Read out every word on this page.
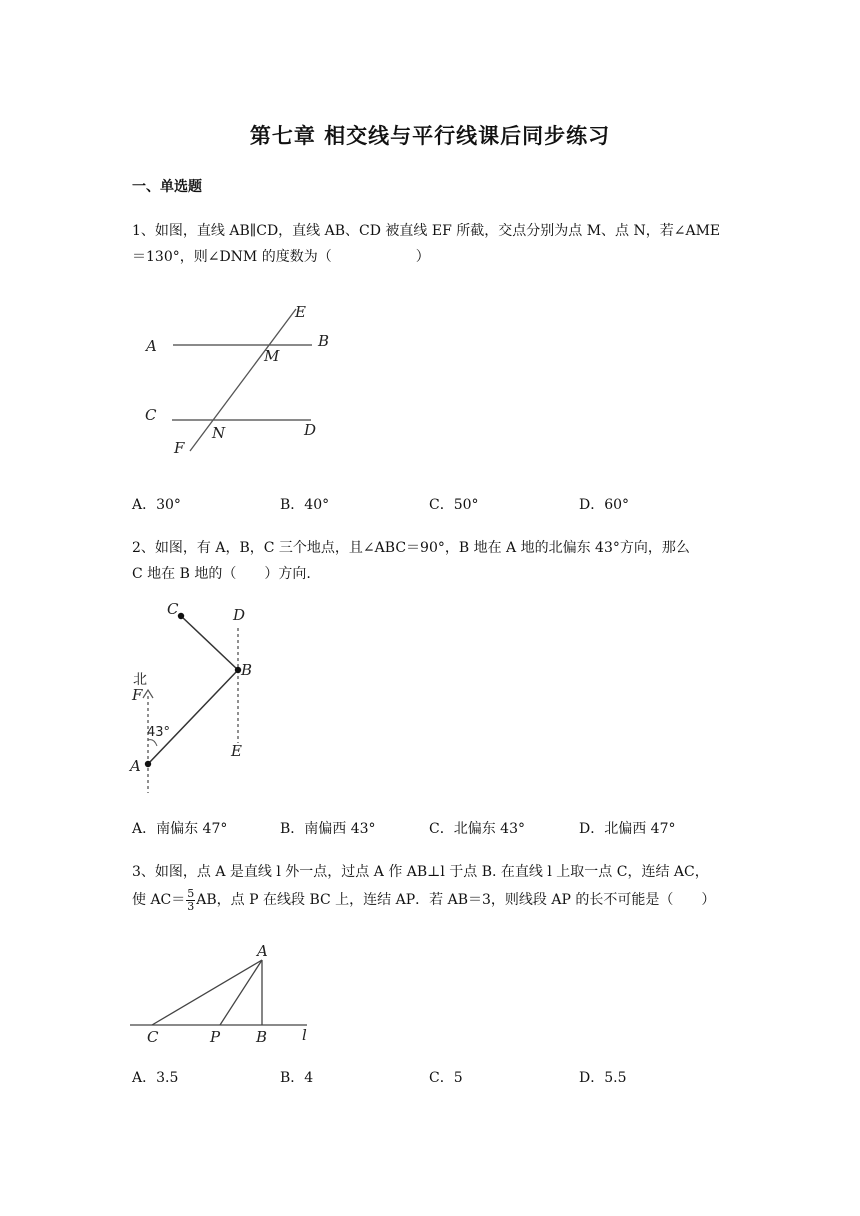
第七章 相交线与平行线课后同步练习
一、单选题
1、如图，直线 AB∥CD，直线 AB、CD 被直线 EF 所截，交点分别为点 M、点 N，若∠AME
＝130°，则∠DNM 的度数为（　　　　　　）
A	B
C
D
E
F
M
N
A．30°	B．40°	C．50°	D．60°
2、如图，有 A，B，C 三个地点，且∠ABC＝90°，B 地在 A 地的北偏东 43°方向，那么
C 地在 B 地的（　　）方向.
C	D
B
北
F
43°
E
A
A．南偏东 47°	B．南偏西 43°	C．北偏东 43°	D．北偏西 47°
3、如图，点 A 是直线 l 外一点，过点 A 作 AB⊥l 于点 B. 在直线 l 上取一点 C，连结 AC，
使 $AC= \frac{5}{3}$ AB，点 P 在线段 BC 上，连结 AP．若 AB＝3，则线段 AP 的长不可能是（　　）
A
C	P B l
A．3.5	B．4	C．5	D．5.5
